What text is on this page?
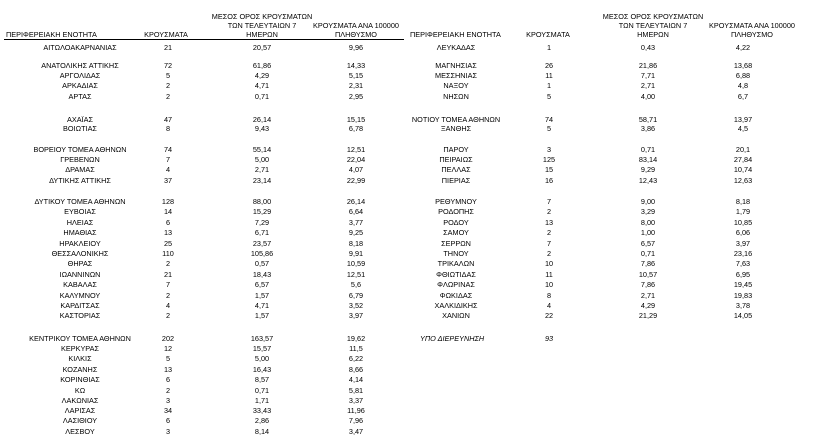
ΠΕΡΙΦΕΡΕΙΑΚΗ ΕΝΟΤΗΤΑ	ΚΡΟΥΣΜΑΤΑ
ΜΕΣΟΣ ΟΡΟΣ ΚΡΟΥΣΜΑΤΩΝ
ΤΩΝ ΤΕΛΕΥΤΑΙΩΝ 7
ΗΜΕΡΩΝ
ΚΡΟΥΣΜΑΤΑ ΑΝΑ 100000
ΠΛΗΘΥΣΜΟ	ΠΕΡΙΦΕΡΕΙΑΚΗ ΕΝΟΤΗΤΑ	ΚΡΟΥΣΜΑΤΑ
ΜΕΣΟΣ ΟΡΟΣ ΚΡΟΥΣΜΑΤΩΝ
ΤΩΝ ΤΕΛΕΥΤΑΙΩΝ 7
ΗΜΕΡΩΝ
ΚΡΟΥΣΜΑΤΑ ΑΝΑ 100000
ΠΛΗΘΥΣΜΟ
ΑΙΤΩΛΟΑΚΑΡΝΑΝΙΑΣ	21	20,57	9,96
ΑΝΑΤΟΛΙΚΗΣ ΑΤΤΙΚΗΣ	72	61,86	14,33
ΑΡΓΟΛΙΔΑΣ	5	4,29	5,15
ΑΡΚΑΔΙΑΣ	2	4,71	2,31
ΑΡΤΑΣ	2	0,71	2,95
ΑΧΑΪΑΣ	47	26,14	15,15
ΒΟΙΩΤΙΑΣ	8	9,43	6,78
ΒΟΡΕΙΟΥ ΤΟΜΕΑ ΑΘΗΝΩΝ	74	55,14	12,51
ΓΡΕΒΕΝΩΝ	7	5,00	22,04
ΔΡΑΜΑΣ	4	2,71	4,07
ΔΥΤΙΚΗΣ ΑΤΤΙΚΗΣ	37	23,14	22,99
ΔΥΤΙΚΟΥ ΤΟΜΕΑ ΑΘΗΝΩΝ	128	88,00	26,14
ΕΥΒΟΙΑΣ	14	15,29	6,64
ΗΛΕΙΑΣ	6	7,29	3,77
ΗΜΑΘΙΑΣ	13	6,71	9,25
ΗΡΑΚΛΕΙΟΥ	25	23,57	8,18
ΘΕΣΣΑΛΟΝΙΚΗΣ	110	105,86	9,91
ΘΗΡΑΣ	2	0,57	10,59
ΙΩΑΝΝΙΝΩΝ	21	18,43	12,51
ΚΑΒΑΛΑΣ	7	6,57	5,6
ΚΑΛΥΜΝΟΥ	2	1,57	6,79
ΚΑΡΔΙΤΣΑΣ	4	4,71	3,52
ΚΑΣΤΟΡΙΑΣ	2	1,57	3,97
ΚΕΝΤΡΙΚΟΥ ΤΟΜΕΑ ΑΘΗΝΩΝ	202	163,57	19,62
ΚΕΡΚΥΡΑΣ	12	15,57	11,5
ΚΙΛΚΙΣ	5	5,00	6,22
ΚΟΖΑΝΗΣ	13	16,43	8,66
ΚΟΡΙΝΘΙΑΣ	6	8,57	4,14
ΚΩ	2	0,71	5,81
ΛΑΚΩΝΙΑΣ	3	1,71	3,37
ΛΑΡΙΣΑΣ	34	33,43	11,96
ΛΑΣΙΘΙΟΥ	6	2,86	7,96
ΛΕΣΒΟΥ	3	8,14	3,47
ΛΕΥΚΑΔΑΣ	1	0,43	4,22
ΜΑΓΝΗΣΙΑΣ	26	21,86	13,68
ΜΕΣΣΗΝΙΑΣ	11	7,71	6,88
ΝΑΞΟΥ	1	2,71	4,8
ΝΗΣΩΝ	5	4,00	6,7
ΝΟΤΙΟΥ ΤΟΜΕΑ ΑΘΗΝΩΝ	74	58,71	13,97
ΞΑΝΘΗΣ	5	3,86	4,5
ΠΑΡΟΥ	3	0,71	20,1
ΠΕΙΡΑΙΩΣ	125	83,14	27,84
ΠΕΛΛΑΣ	15	9,29	10,74
ΠΙΕΡΙΑΣ	16	12,43	12,63
ΡΕΘΥΜΝΟΥ	7	9,00	8,18
ΡΟΔΟΠΗΣ	2	3,29	1,79
ΡΟΔΟΥ	13	8,00	10,85
ΣΑΜΟΥ	2	1,00	6,06
ΣΕΡΡΩΝ	7	6,57	3,97
ΤΗΝΟΥ	2	0,71	23,16
ΤΡΙΚΑΛΩΝ	10	7,86	7,63
ΦΘΙΩΤΙΔΑΣ	11	10,57	6,95
ΦΛΩΡΙΝΑΣ	10	7,86	19,45
ΦΩΚΙΔΑΣ	8	2,71	19,83
ΧΑΛΚΙΔΙΚΗΣ	4	4,29	3,78
ΧΑΝΙΩΝ	22	21,29	14,05
ΥΠΟ ΔΙΕΡΕΥΝΗΣΗ	93
